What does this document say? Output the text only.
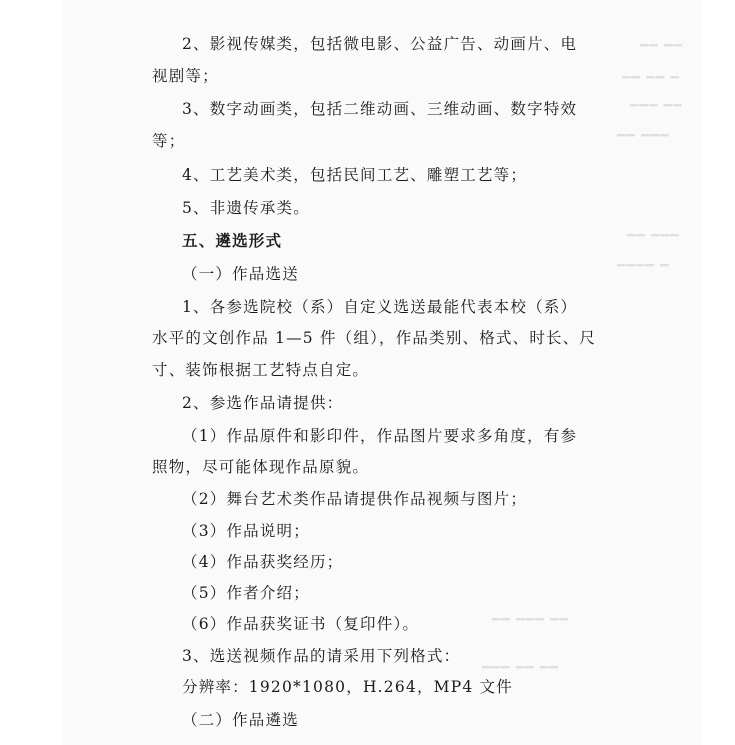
━━ ━━
━━ ━━ ━
━━━ ━━
━━ ━━━
━━ ━━━
━━━━ ━
━━ ━━━ ━━
━━━ ━━ ━━
2、影视传媒类，包括微电影、公益广告、动画片、电
视剧等；
3、数字动画类，包括二维动画、三维动画、数字特效
等；
4、工艺美术类，包括民间工艺、雕塑工艺等；
5、非遗传承类。
五、遴选形式
（一）作品选送
1、各参选院校（系）自定义选送最能代表本校（系）
水平的文创作品 1—5 件（组），作品类别、格式、时长、尺
寸、装饰根据工艺特点自定。
2、参选作品请提供：
（1）作品原件和影印件，作品图片要求多角度，有参
照物，尽可能体现作品原貌。
（2）舞台艺术类作品请提供作品视频与图片；
（3）作品说明；
（4）作品获奖经历；
（5）作者介绍；
（6）作品获奖证书（复印件）。
3、选送视频作品的请采用下列格式：
分辨率：1920*1080，H.264，MP4 文件
（二）作品遴选
